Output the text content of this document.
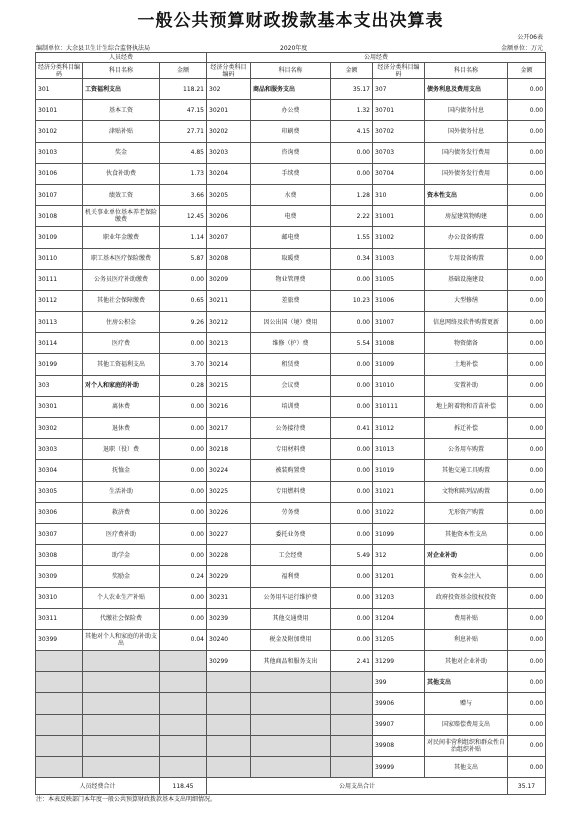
一般公共预算财政拨款基本支出决算表
公开06表
编制单位：大余县卫生计生综合监督执法局	2020年度	金额单位：万元
人员经费			公用经费					
经济分类科目编码	科目名称	金额	经济分类科目编码	科目名称	金额	经济分类科目编码	科目名称	金额
301	工资福利支出	118.21	302	商品和服务支出	35.17	307	债务利息及费用支出	0.00
30101	基本工资	47.15	30201	办公费	1.32	30701	国内债务付息	0.00
30102	津贴补贴	27.71	30202	印刷费	4.15	30702	国外债务付息	0.00
30103	奖金	4.85	30203	咨询费	0.00	30703	国内债务发行费用	0.00
30106	伙食补助费	1.73	30204	手续费	0.00	30704	国外债务发行费用	0.00
30107	绩效工资	3.66	30205	水费	1.28	310	资本性支出	0.00
30108	机关事业单位基本养老保险缴费	12.45	30206	电费	2.22	31001	房屋建筑物购建	0.00
30109	职业年金缴费	1.14	30207	邮电费	1.55	31002	办公设备购置	0.00
30110	职工基本医疗保险缴费	5.87	30208	取暖费	0.34	31003	专用设备购置	0.00
30111	公务员医疗补助缴费	0.00	30209	物业管理费	0.00	31005	基础设施建设	0.00
30112	其他社会保障缴费	0.65	30211	差旅费	10.23	31006	大型修缮	0.00
30113	住房公积金	9.26	30212	因公出国（境）费用	0.00	31007	信息网络及软件购置更新	0.00
30114	医疗费	0.00	30213	维修（护）费	5.54	31008	物资储备	0.00
30199	其他工资福利支出	3.70	30214	租赁费	0.00	31009	土地补偿	0.00
303	对个人和家庭的补助	0.28	30215	会议费	0.00	31010	安置补助	0.00
30301	离休费	0.00	30216	培训费	0.00	310111	地上附着物和青苗补偿	0.00
30302	退休费	0.00	30217	公务接待费	0.41	31012	拆迁补偿	0.00
30303	退职（役）费	0.00	30218	专用材料费	0.00	31013	公务用车购置	0.00
30304	抚恤金	0.00	30224	被装购置费	0.00	31019	其他交通工具购置	0.00
30305	生活补助	0.00	30225	专用燃料费	0.00	31021	文物和陈列品购置	0.00
30306	救济费	0.00	30226	劳务费	0.00	31022	无形资产购置	0.00
30307	医疗费补助	0.00	30227	委托业务费	0.00	31099	其他资本性支出	0.00
30308	助学金	0.00	30228	工会经费	5.49	312	对企业补助	0.00
30309	奖励金	0.24	30229	福利费	0.00	31201	资本金注入	0.00
30310	个人农业生产补贴	0.00	30231	公务用车运行维护费	0.00	31203	政府投资基金股权投资	0.00
30311	代缴社会保险费	0.00	30239	其他交通费用	0.00	31204	费用补贴	0.00
30399	其他对个人和家庭的补助支出	0.04	30240	税金及附加费用	0.00	31205	利息补贴	0.00
			30299	其他商品和服务支出	2.41	31299	其他对企业补助	0.00
						399	其他支出	0.00
						39906	赠与	0.00
						39907	国家赔偿费用支出	0.00
						39908	对民间非营利组织和群众性自治组织补贴	0.00
						39999	其他支出	0.00
人员经费合计		118.45	公用支出合计					35.17
注：本表反映部门本年度一般公共预算财政拨款基本支出明细情况。
